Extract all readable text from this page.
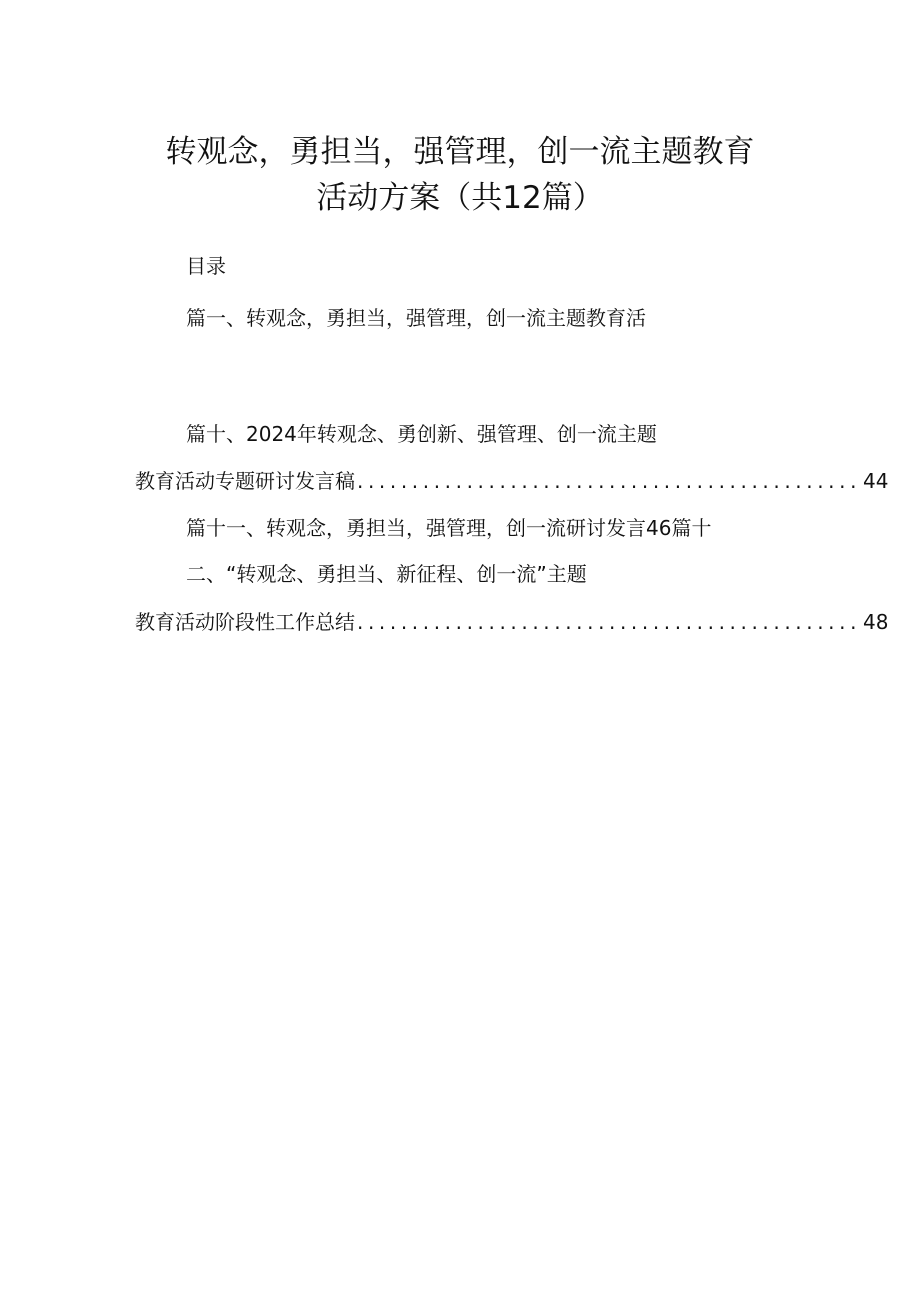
转观念，勇担当，强管理，创一流主题教育
活动方案（共12篇）
目录
篇一、转观念，勇担当，强管理，创一流主题教育活
篇十、2024年转观念、勇创新、强管理、创一流主题
教育活动专题研讨发言稿 .............................................. 44
篇十一、转观念，勇担当，强管理，创一流研讨发言46篇十
二、“转观念、勇担当、新征程、创一流”主题
教育活动阶段性工作总结 .............................................. 48
